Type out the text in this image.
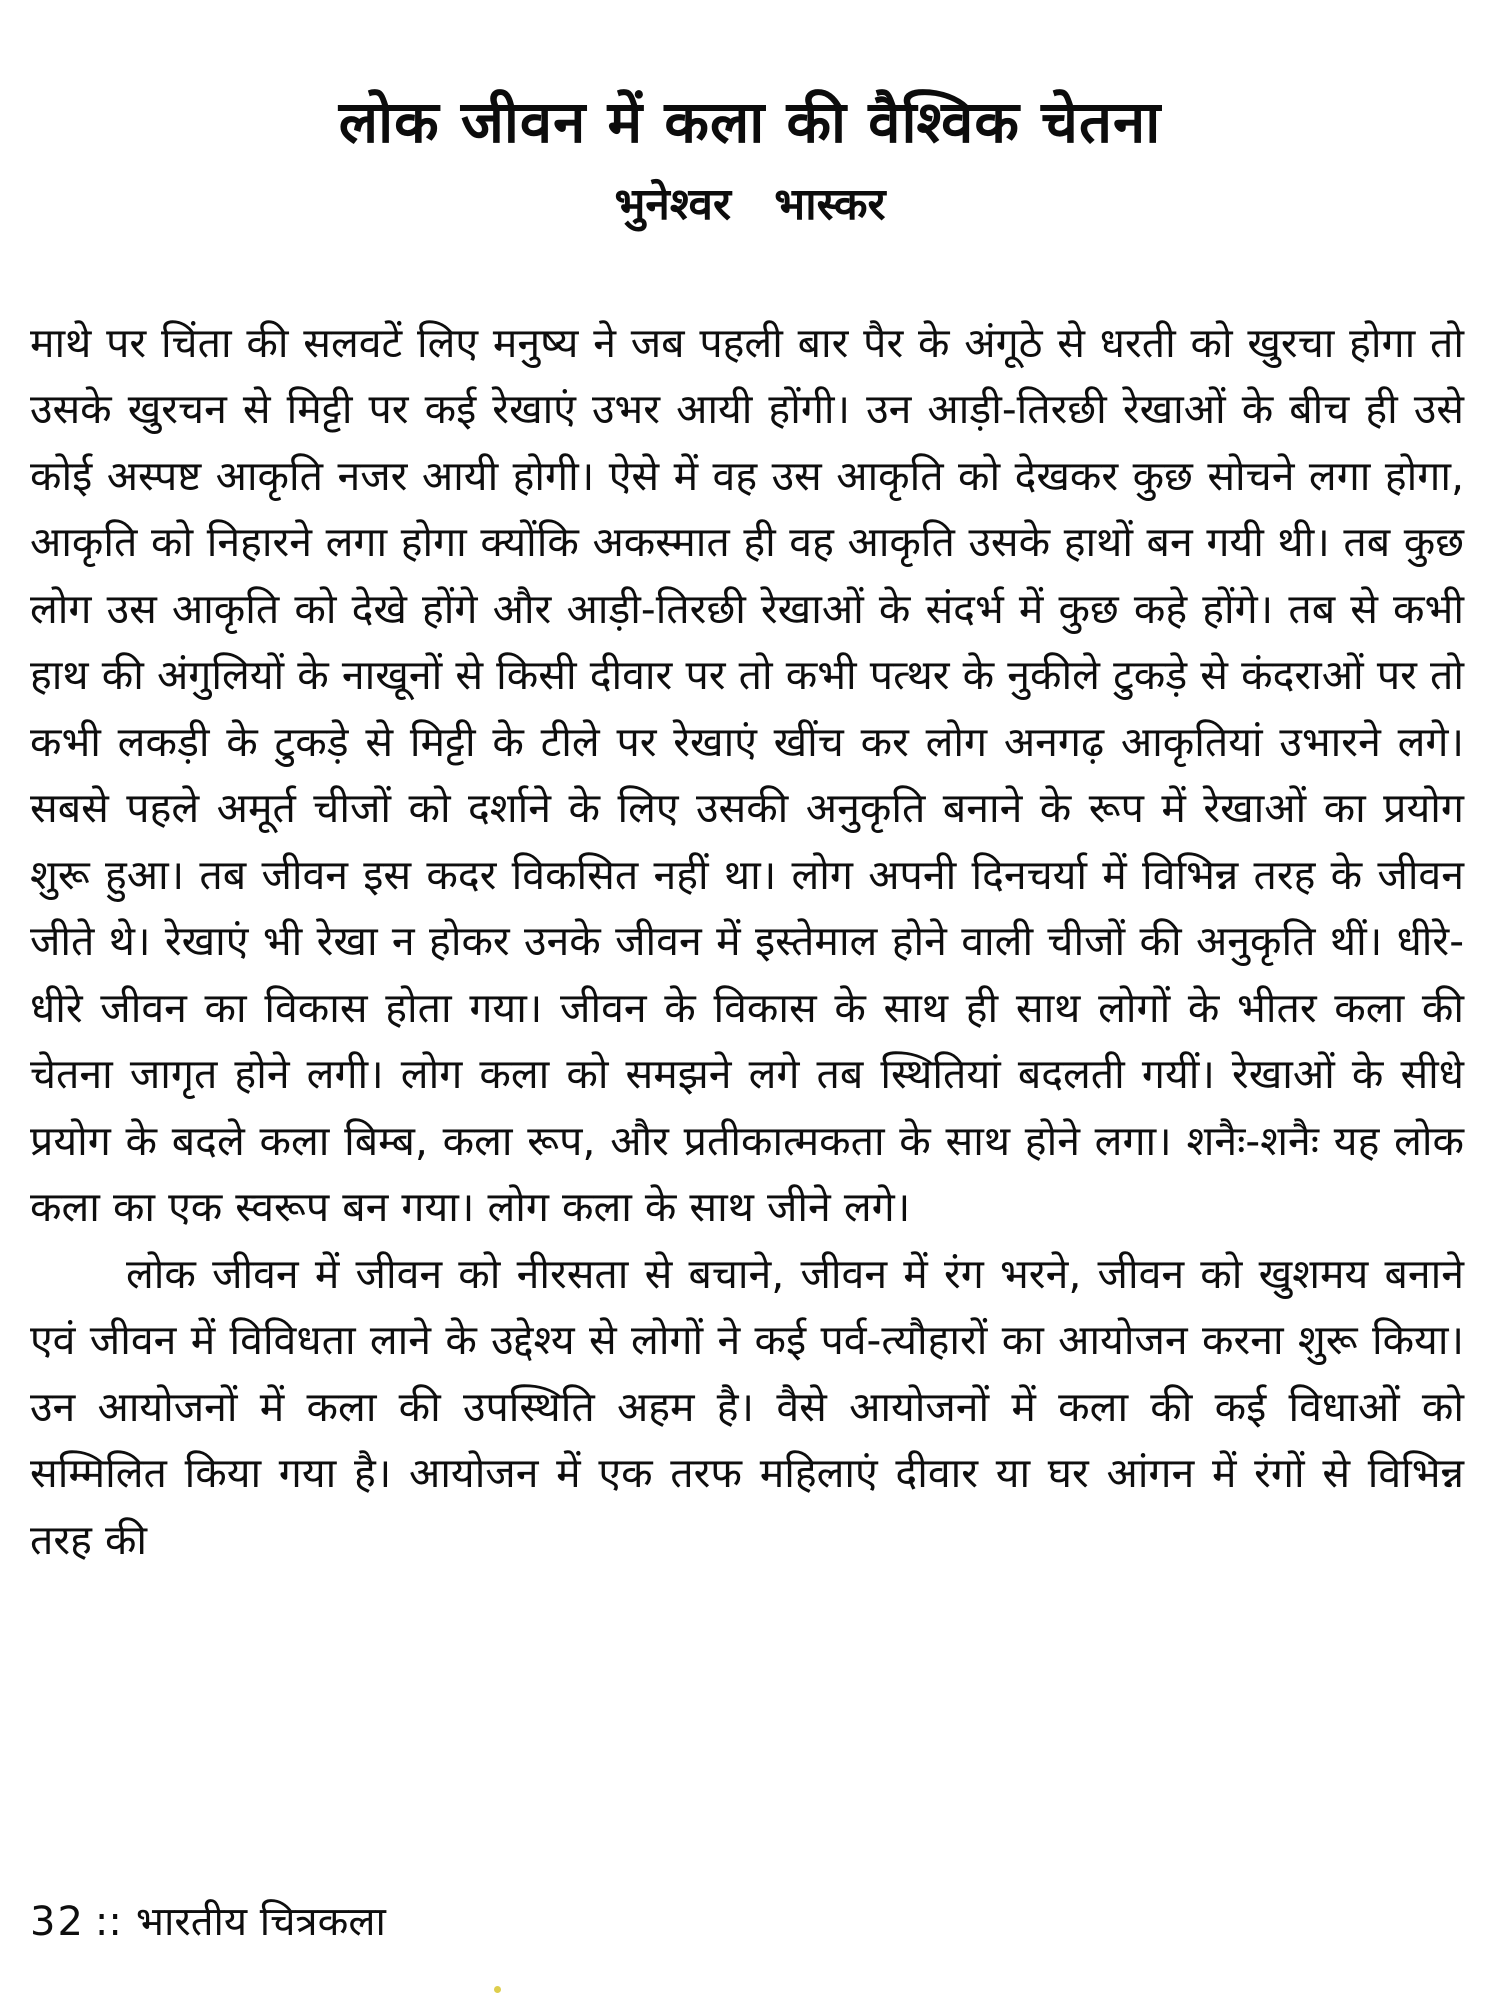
लोक जीवन में कला की वैश्विक चेतना
भुनेश्वर भास्कर

माथे पर चिंता की सलवटें लिए मनुष्य ने जब पहली बार पैर के अंगूठे से धरती को खुरचा होगा तो उसके खुरचन से मिट्टी पर कई रेखाएं उभर आयी होंगी। उन आड़ी-तिरछी रेखाओं के बीच ही उसे कोई अस्पष्ट आकृति नजर आयी होगी। ऐसे में वह उस आकृति को देखकर कुछ सोचने लगा होगा, आकृति को निहारने लगा होगा क्योंकि अकस्मात ही वह आकृति उसके हाथों बन गयी थी। तब कुछ लोग उस आकृति को देखे होंगे और आड़ी-तिरछी रेखाओं के संदर्भ में कुछ कहे होंगे। तब से कभी हाथ की अंगुलियों के नाखूनों से किसी दीवार पर तो कभी पत्थर के नुकीले टुकड़े से कंदराओं पर तो कभी लकड़ी के टुकड़े से मिट्टी के टीले पर रेखाएं खींच कर लोग अनगढ़ आकृतियां उभारने लगे। सबसे पहले अमूर्त चीजों को दर्शाने के लिए उसकी अनुकृति बनाने के रूप में रेखाओं का प्रयोग शुरू हुआ। तब जीवन इस कदर विकसित नहीं था। लोग अपनी दिनचर्या में विभिन्न तरह के जीवन जीते थे। रेखाएं भी रेखा न होकर उनके जीवन में इस्तेमाल होने वाली चीजों की अनुकृति थीं। धीरे-धीरे जीवन का विकास होता गया। जीवन के विकास के साथ ही साथ लोगों के भीतर कला की चेतना जागृत होने लगी। लोग कला को समझने लगे तब स्थितियां बदलती गयीं। रेखाओं के सीधे प्रयोग के बदले कला बिम्ब, कला रूप, और प्रतीकात्मकता के साथ होने लगा। शनैः-शनैः यह लोक कला का एक स्वरूप बन गया। लोग कला के साथ जीने लगे।

लोक जीवन में जीवन को नीरसता से बचाने, जीवन में रंग भरने, जीवन को खुशमय बनाने एवं जीवन में विविधता लाने के उद्देश्य से लोगों ने कई पर्व-त्यौहारों का आयोजन करना शुरू किया। उन आयोजनों में कला की उपस्थिति अहम है। वैसे आयोजनों में कला की कई विधाओं को सम्मिलित किया गया है। आयोजन में एक तरफ महिलाएं दीवार या घर आंगन में रंगों से विभिन्न तरह की

32 :: भारतीय चित्रकला
